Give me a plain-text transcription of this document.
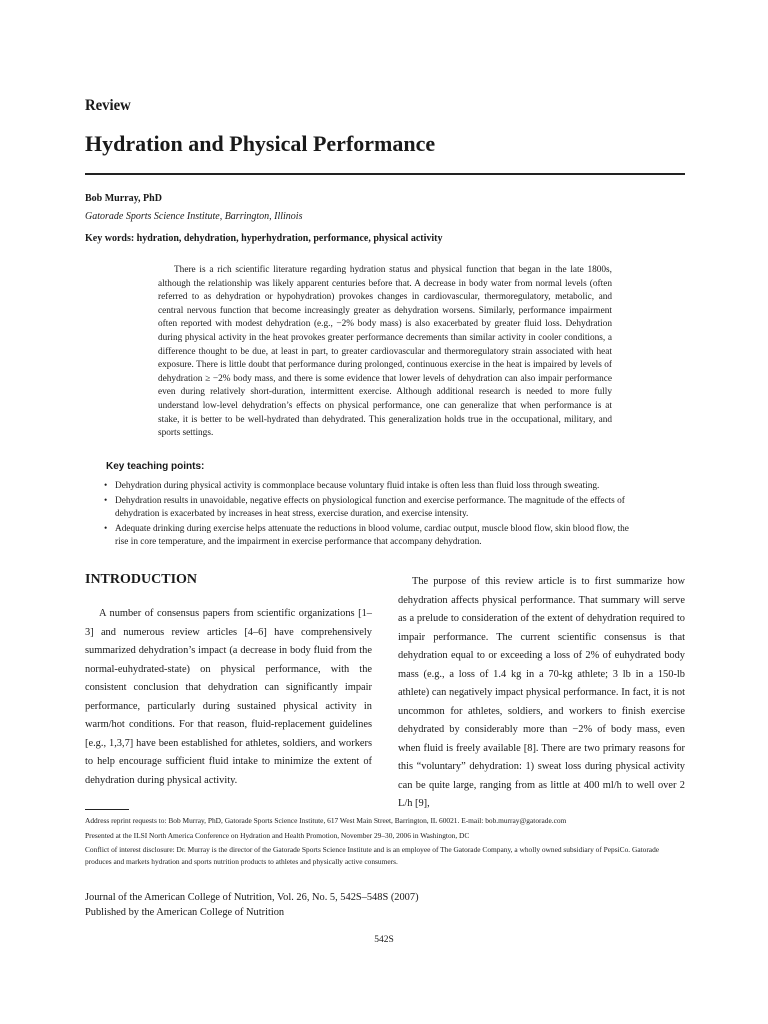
Review
Hydration and Physical Performance
Bob Murray, PhD
Gatorade Sports Science Institute, Barrington, Illinois
Key words: hydration, dehydration, hyperhydration, performance, physical activity

There is a rich scientific literature regarding hydration status and physical function that began in the late 1800s, although the relationship was likely apparent centuries before that. A decrease in body water from normal levels (often referred to as dehydration or hypohydration) provokes changes in cardiovascular, thermoregulatory, metabolic, and central nervous function that become increasingly greater as dehydration worsens. Similarly, performance impairment often reported with modest dehydration (e.g., −2% body mass) is also exacerbated by greater fluid loss. Dehydration during physical activity in the heat provokes greater performance decrements than similar activity in cooler conditions, a difference thought to be due, at least in part, to greater cardiovascular and thermoregulatory strain associated with heat exposure. There is little doubt that performance during prolonged, continuous exercise in the heat is impaired by levels of dehydration ≥ −2% body mass, and there is some evidence that lower levels of dehydration can also impair performance even during relatively short-duration, intermittent exercise. Although additional research is needed to more fully understand low-level dehydration’s effects on physical performance, one can generalize that when performance is at stake, it is better to be well-hydrated than dehydrated. This generalization holds true in the occupational, military, and sports settings.

Key teaching points:
• Dehydration during physical activity is commonplace because voluntary fluid intake is often less than fluid loss through sweating.
• Dehydration results in unavoidable, negative effects on physiological function and exercise performance. The magnitude of the effects of dehydration is exacerbated by increases in heat stress, exercise duration, and exercise intensity.
• Adequate drinking during exercise helps attenuate the reductions in blood volume, cardiac output, muscle blood flow, skin blood flow, the rise in core temperature, and the impairment in exercise performance that accompany dehydration.
INTRODUCTION

A number of consensus papers from scientific organizations [1–3] and numerous review articles [4–6] have comprehensively summarized dehydration’s impact (a decrease in body fluid from the normal-euhydrated-state) on physical performance, with the consistent conclusion that dehydration can significantly impair performance, particularly during sustained physical activity in warm/hot conditions. For that reason, fluid-replacement guidelines [e.g., 1,3,7] have been established for athletes, soldiers, and workers to help encourage sufficient fluid intake to minimize the extent of dehydration during physical activity.

The purpose of this review article is to first summarize how dehydration affects physical performance. That summary will serve as a prelude to consideration of the extent of dehydration required to impair performance. The current scientific consensus is that dehydration equal to or exceeding a loss of 2% of euhydrated body mass (e.g., a loss of 1.4 kg in a 70-kg athlete; 3 lb in a 150-lb athlete) can negatively impact physical performance. In fact, it is not uncommon for athletes, soldiers, and workers to finish exercise dehydrated by considerably more than −2% of body mass, even when fluid is freely available [8]. There are two primary reasons for this “voluntary” dehydration: 1) sweat loss during physical activity can be quite large, ranging from as little at 400 ml/h to well over 2 L/h [9],

Address reprint requests to: Bob Murray, PhD, Gatorade Sports Science Institute, 617 West Main Street, Barrington, IL 60021. E-mail: bob.murray@gatorade.com

Presented at the ILSI North America Conference on Hydration and Health Promotion, November 29–30, 2006 in Washington, DC

Conflict of interest disclosure: Dr. Murray is the director of the Gatorade Sports Science Institute and is an employee of The Gatorade Company, a wholly owned subsidiary of PepsiCo. Gatorade produces and markets hydration and sports nutrition products to athletes and physically active consumers.

Journal of the American College of Nutrition, Vol. 26, No. 5, 542S–548S (2007)
Published by the American College of Nutrition
542S
